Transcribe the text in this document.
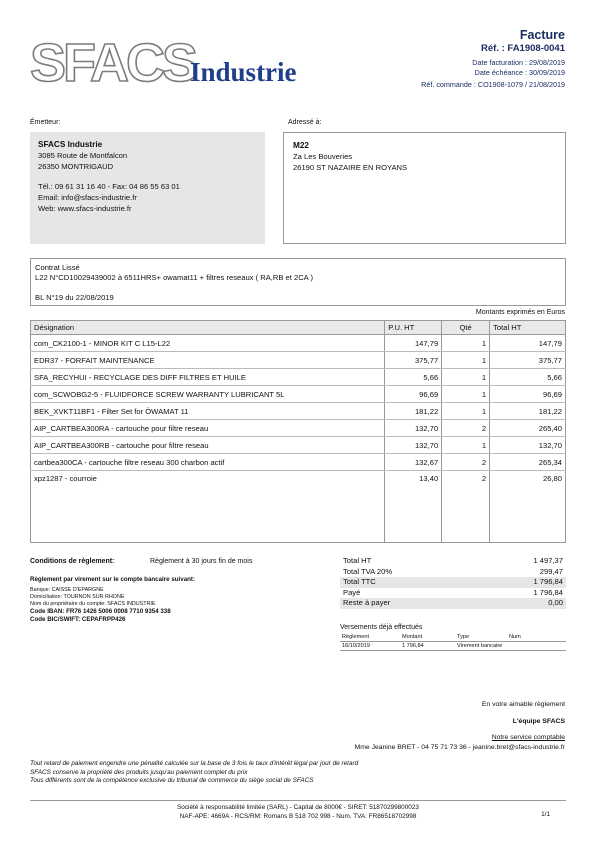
SFACS
Industrie
Facture
Réf. : FA1908-0041
Date facturation : 29/08/2019
Date échéance : 30/09/2019
Réf. commande : CO1908-1079 / 21/08/2019
Émetteur:
SFACS Industrie
3085 Route de Montfalcon
26350 MONTRIGAUD
Tél.: 09 61 31 16 40 - Fax: 04 86 55 63 01
Email: info@sfacs-industrie.fr
Web: www.sfacs-industrie.fr
Adressé à:
M22
Za Les Bouveries
26190 ST NAZAIRE EN ROYANS
Contrat Lissé
L22 N°CD10029439002 à 6511HRS+ owamat11 + filtres reseaux ( RA,RB et 2CA )
BL N°19 du 22/08/2019
Montants exprimés en Euros
Désignation	P.U. HT	Qté	Total HT
com_CK2100-1 - MINOR KIT C L15-L22	147,79	1	147,79
EDR37 - FORFAIT MAINTENANCE	375,77	1	375,77
SFA_RECYHUI - RECYCLAGE DES DIFF FILTRES ET HUILE	5,66	1	5,66
com_SCWOBG2-5 - FLUIDFORCE SCREW WARRANTY LUBRICANT 5L	96,69	1	96,69
BEK_XVKT11BF1 - Filter Set for ÖWAMAT 11	181,22	1	181,22
AIP_CARTBEA300RA - cartouche pour filtre reseau	132,70	2	265,40
AIP_CARTBEA300RB - cartouche pour filtre reseau	132,70	1	132,70
cartbea300CA - cartouche filtre reseau 300 charbon actif	132,67	2	265,34
xpz1287 - courroie	13,40	2	26,80
Conditions de règlement:	Règlement à 30 jours fin de mois
Règlement par virement sur le compte bancaire suivant:
Banque: CAISSE D'EPARGNE
Domiciliation: TOURNON SUR RHONE
Nom du propriétaire du compte: SFACS INDUSTRIE
Code IBAN: FR76 1426 5006 0008 7710 9354 338
Code BIC/SWIFT: CEPAFRPP426
Total HT	1 497,37
Total TVA 20%	299,47
Total TTC	1 796,84
Payé	1 796,84
Reste à payer	0,00
Versements déjà effectués
Règlement	Montant	Type	Num
16/10/2019	1 796,84	Virement bancaire	
En votre aimable règlement
L'équipe SFACS
Notre service comptable
Mme Jeanine BRET - 04 75 71 73 36 - jeanine.bret@sfacs-industrie.fr
Tout retard de paiement engendre une pénalité calculée sur la base de 3 fois le taux d'intérêt légal par jour de retard
SFACS conserve la propriété des produits jusqu'au paiement complet du prix
Tous différents sont de la compétence exclusive du tribunal de commerce du siège social de SFACS
Société à responsabilité limitée (SARL) - Capital de 8000€ - SIRET: 51870299800023
NAF-APE: 4669A - RCS/RM: Romans B 518 702 998 - Num. TVA: FR86518702998	1/1
